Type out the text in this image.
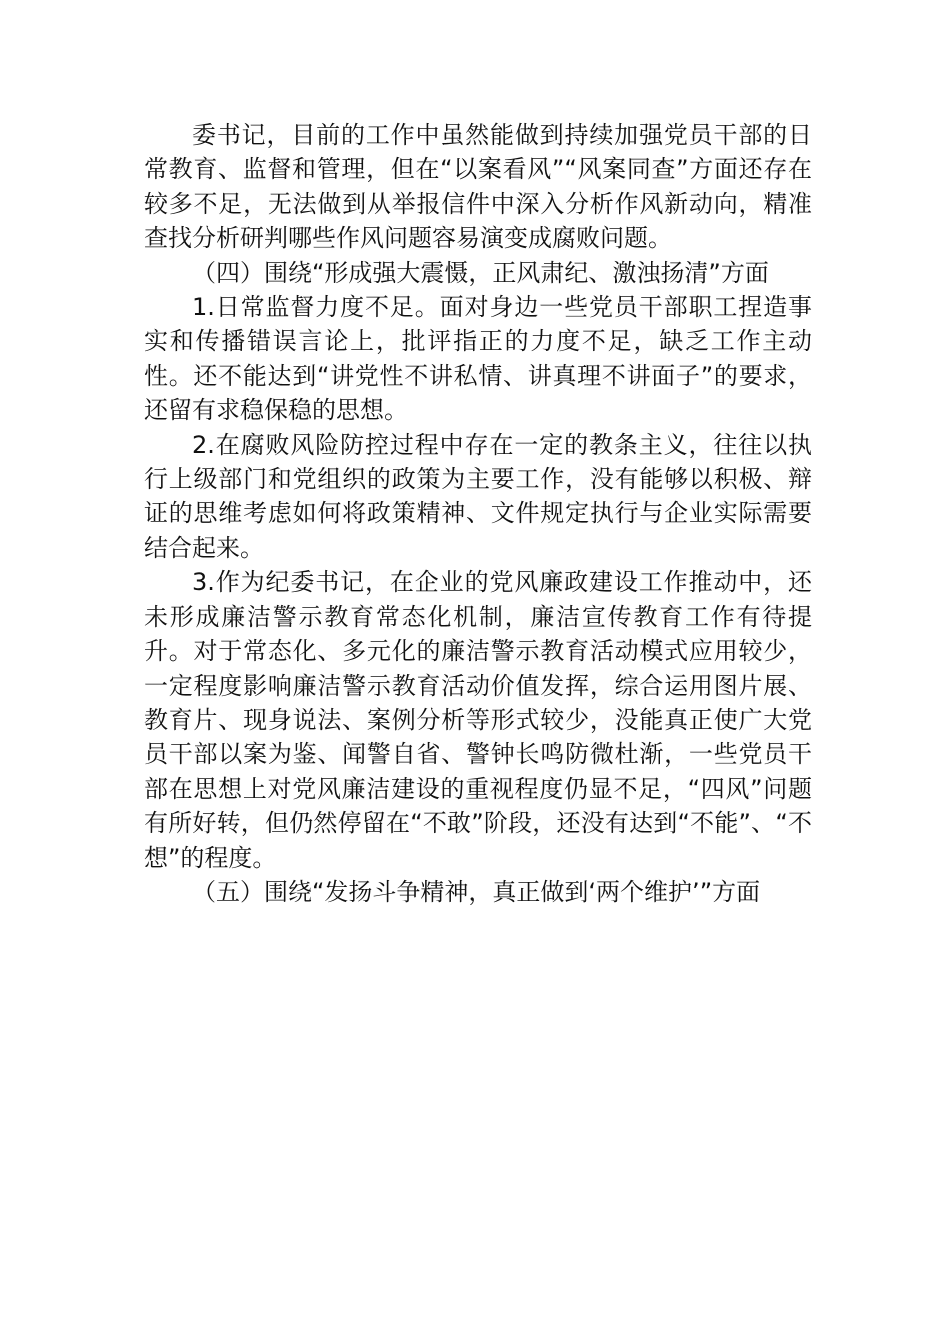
委书记，目前的工作中虽然能做到持续加强党员干部的日常教育、监督和管理，但在“以案看风”“风案同查”方面还存在较多不足，无法做到从举报信件中深入分析作风新动向，精准查找分析研判哪些作风问题容易演变成腐败问题。

（四）围绕“形成强大震慑，正风肃纪、激浊扬清”方面

1.日常监督力度不足。面对身边一些党员干部职工捏造事实和传播错误言论上，批评指正的力度不足，缺乏工作主动性。还不能达到“讲党性不讲私情、讲真理不讲面子”的要求，还留有求稳保稳的思想。

2.在腐败风险防控过程中存在一定的教条主义，往往以执行上级部门和党组织的政策为主要工作，没有能够以积极、辩证的思维考虑如何将政策精神、文件规定执行与企业实际需要结合起来。

3.作为纪委书记，在企业的党风廉政建设工作推动中，还未形成廉洁警示教育常态化机制，廉洁宣传教育工作有待提升。对于常态化、多元化的廉洁警示教育活动模式应用较少，一定程度影响廉洁警示教育活动价值发挥，综合运用图片展、教育片、现身说法、案例分析等形式较少，没能真正使广大党员干部以案为鉴、闻警自省、警钟长鸣防微杜渐，一些党员干部在思想上对党风廉洁建设的重视程度仍显不足，“四风”问题有所好转，但仍然停留在“不敢”阶段，还没有达到“不能”、“不想”的程度。

（五）围绕“发扬斗争精神，真正做到‘两个维护’”方面
